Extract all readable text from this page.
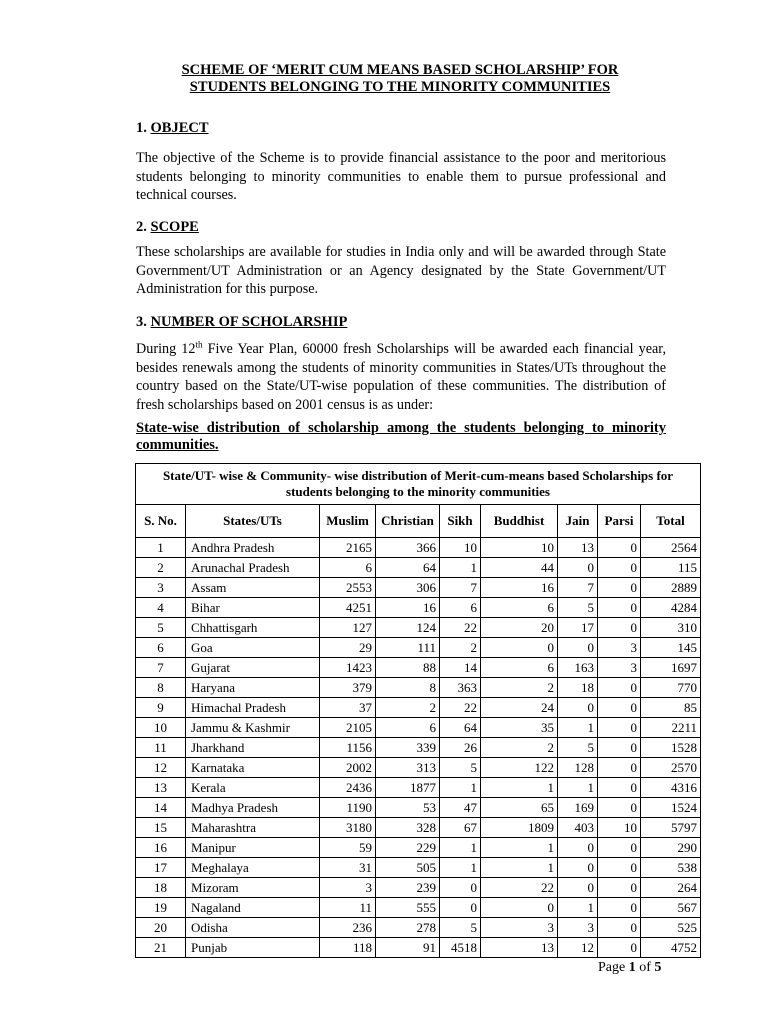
SCHEME OF ‘MERIT CUM MEANS BASED SCHOLARSHIP’ FOR
STUDENTS BELONGING TO THE MINORITY COMMUNITIES
1. OBJECT
The objective of the Scheme is to provide financial assistance to the poor and meritorious students belonging to minority communities to enable them to pursue professional and technical courses.
2. SCOPE
These scholarships are available for studies in India only and will be awarded through State Government/UT Administration or an Agency designated by the State Government/UT Administration for this purpose.
3. NUMBER OF SCHOLARSHIP
During 12th Five Year Plan, 60000 fresh Scholarships will be awarded each financial year, besides renewals among the students of minority communities in States/UTs throughout the country based on the State/UT-wise population of these communities. The distribution of fresh scholarships based on 2001 census is as under:
State-wise distribution of scholarship among the students belonging to minority communities.
State/UT- wise & Community- wise distribution of Merit-cum-means based Scholarships for students belonging to the minority communities								
S. No.	States/UTs	Muslim	Christian	Sikh	Buddhist	Jain	Parsi	Total
1	Andhra Pradesh	2165	366	10	10	13	0	2564
2	Arunachal Pradesh	6	64	1	44	0	0	115
3	Assam	2553	306	7	16	7	0	2889
4	Bihar	4251	16	6	6	5	0	4284
5	Chhattisgarh	127	124	22	20	17	0	310
6	Goa	29	111	2	0	0	3	145
7	Gujarat	1423	88	14	6	163	3	1697
8	Haryana	379	8	363	2	18	0	770
9	Himachal Pradesh	37	2	22	24	0	0	85
10	Jammu & Kashmir	2105	6	64	35	1	0	2211
11	Jharkhand	1156	339	26	2	5	0	1528
12	Karnataka	2002	313	5	122	128	0	2570
13	Kerala	2436	1877	1	1	1	0	4316
14	Madhya Pradesh	1190	53	47	65	169	0	1524
15	Maharashtra	3180	328	67	1809	403	10	5797
16	Manipur	59	229	1	1	0	0	290
17	Meghalaya	31	505	1	1	0	0	538
18	Mizoram	3	239	0	22	0	0	264
19	Nagaland	11	555	0	0	1	0	567
20	Odisha	236	278	5	3	3	0	525
21	Punjab	118	91	4518	13	12	0	4752
Page 1 of 5
